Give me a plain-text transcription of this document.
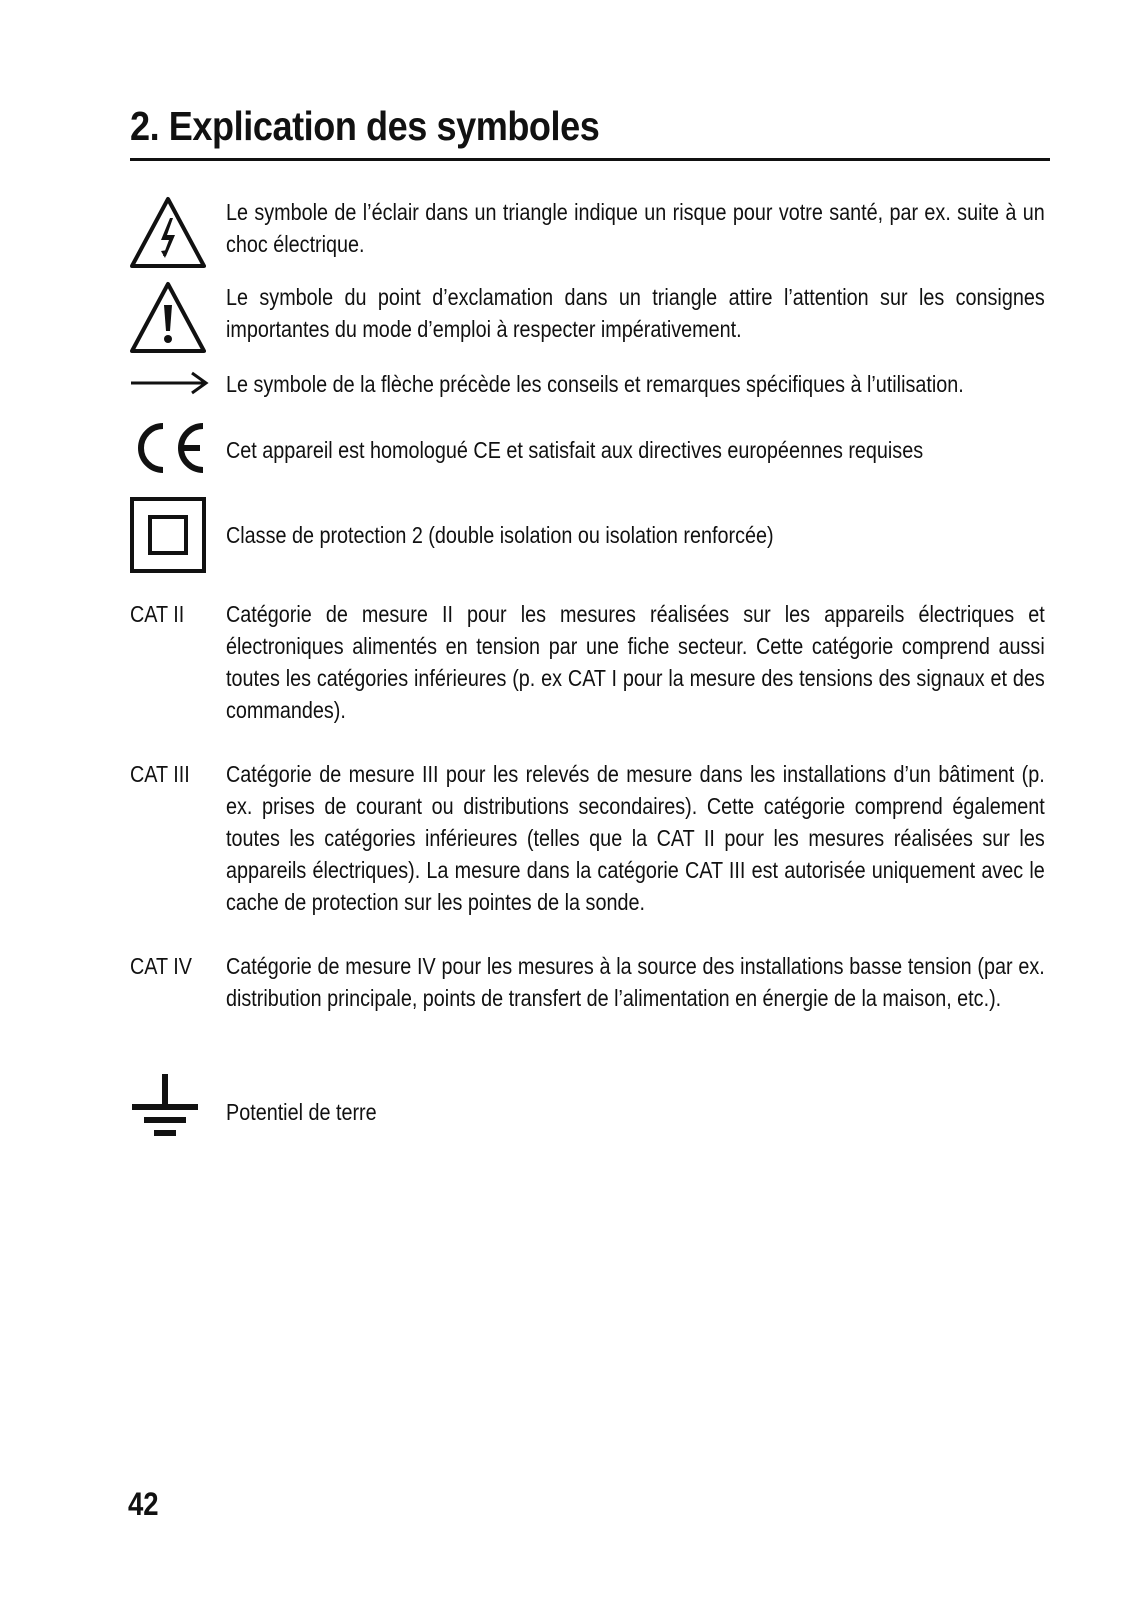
2. Explication des symboles
Le symbole de l’éclair dans un triangle indique un risque pour votre santé, par ex. suite à un choc électrique.
Le symbole du point d’exclamation dans un triangle attire l’attention sur les consignes importantes du mode d’emploi à respecter impérativement.
Le symbole de la flèche précède les conseils et remarques spécifiques à l’utilisation.
Cet appareil est homologué CE et satisfait aux directives européennes requises
Classe de protection 2 (double isolation ou isolation renforcée)
CAT II Catégorie de mesure II pour les mesures réalisées sur les appareils électriques et électroniques alimentés en tension par une fiche secteur. Cette catégorie comprend aussi toutes les catégories inférieures (p. ex CAT I pour la mesure des tensions des signaux et des commandes).
CAT III Catégorie de mesure III pour les relevés de mesure dans les installations d’un bâtiment (p. ex. prises de courant ou distributions secondaires). Cette catégorie comprend également toutes les catégories inférieures (telles que la CAT II pour les mesures réalisées sur les appareils électriques). La mesure dans la catégorie CAT III est autorisée uniquement avec le cache de protection sur les pointes de la sonde.
CAT IV Catégorie de mesure IV pour les mesures à la source des installations basse tension (par ex. distribution principale, points de transfert de l’alimentation en énergie de la maison, etc.).
Potentiel de terre
42
